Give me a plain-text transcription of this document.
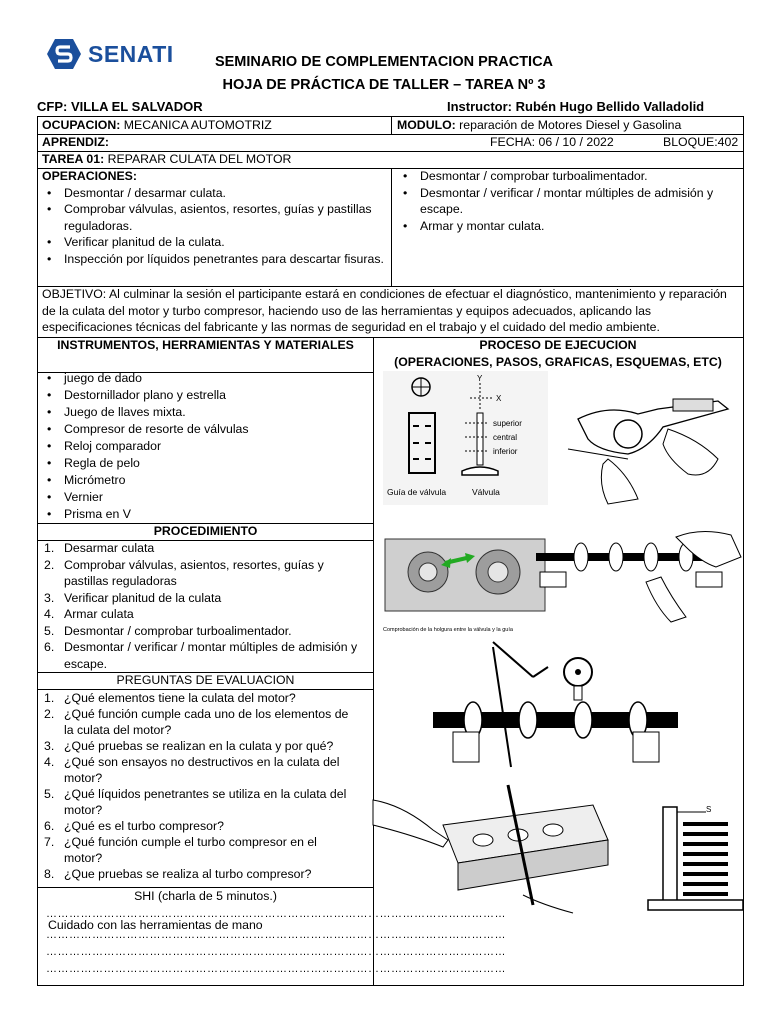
SENATI	SEMINARIO DE COMPLEMENTACION PRACTICA
HOJA DE PRÁCTICA DE TALLER – TAREA Nº 3
CFP: VILLA EL SALVADOR	Instructor: Rubén Hugo Bellido Valladolid
OCUPACION: MECANICA AUTOMOTRIZ	MODULO: reparación de Motores Diesel y Gasolina
APRENDIZ:	FECHA: 06 / 10 / 2022	BLOQUE:402
TAREA 01: REPARAR CULATA DEL MOTOR
OPERACIONES:
• Desmontar / desarmar culata.
• Comprobar válvulas, asientos, resortes, guías y pastillas reguladoras.
• Verificar planitud de la culata.
• Inspección por líquidos penetrantes para descartar fisuras.
• Desmontar / comprobar turboalimentador.
• Desmontar / verificar / montar múltiples de admisión y escape.
• Armar y montar culata.
OBJETIVO: Al culminar la sesión el participante estará en condiciones de efectuar el diagnóstico, mantenimiento y reparación de la culata del motor y turbo compresor, haciendo uso de las herramientas y equipos adecuados, aplicando las especificaciones técnicas del fabricante y las normas de seguridad en el trabajo y el cuidado del medio ambiente.
INSTRUMENTOS, HERRAMIENTAS Y MATERIALES
• juego de dado
• Destornillador plano y estrella
• Juego de llaves mixta.
• Compresor de resorte de válvulas
• Reloj comparador
• Regla de pelo
• Micrómetro
• Vernier
• Prisma en V
PROCEDIMIENTO
1. Desarmar culata
2. Comprobar válvulas, asientos, resortes, guías y pastillas reguladoras
3. Verificar planitud de la culata
4. Armar culata
5. Desmontar / comprobar turboalimentador.
6. Desmontar / verificar / montar múltiples de admisión y escape.
PREGUNTAS DE EVALUACION
1. ¿Qué elementos tiene la culata del motor?
2. ¿Qué función cumple cada uno de los elementos de la culata del motor?
3. ¿Qué pruebas se realizan en la culata y por qué?
4. ¿Qué son ensayos no destructivos en la culata del motor?
5. ¿Qué líquidos penetrantes se utiliza en la culata del motor?
6. ¿Qué es el turbo compresor?
7. ¿Qué función cumple el turbo compresor en el motor?
8. ¿Que pruebas se realiza al turbo compresor?
SHI (charla de 5 minutos.)
…………………………………………………………………………………………………………
Cuidado con las herramientas de mano
…………………………………………………………………………………………………………
…………………………………………………………………………………………………………
…………………………………………………………………………………………………………
PROCESO DE EJECUCION
(OPERACIONES, PASOS, GRAFICAS, ESQUEMAS, ETC)
Y
X
superior
central
inferior
Guía de válvula	Válvula
Comprobación de la holgura entre la válvula y la guía
S
